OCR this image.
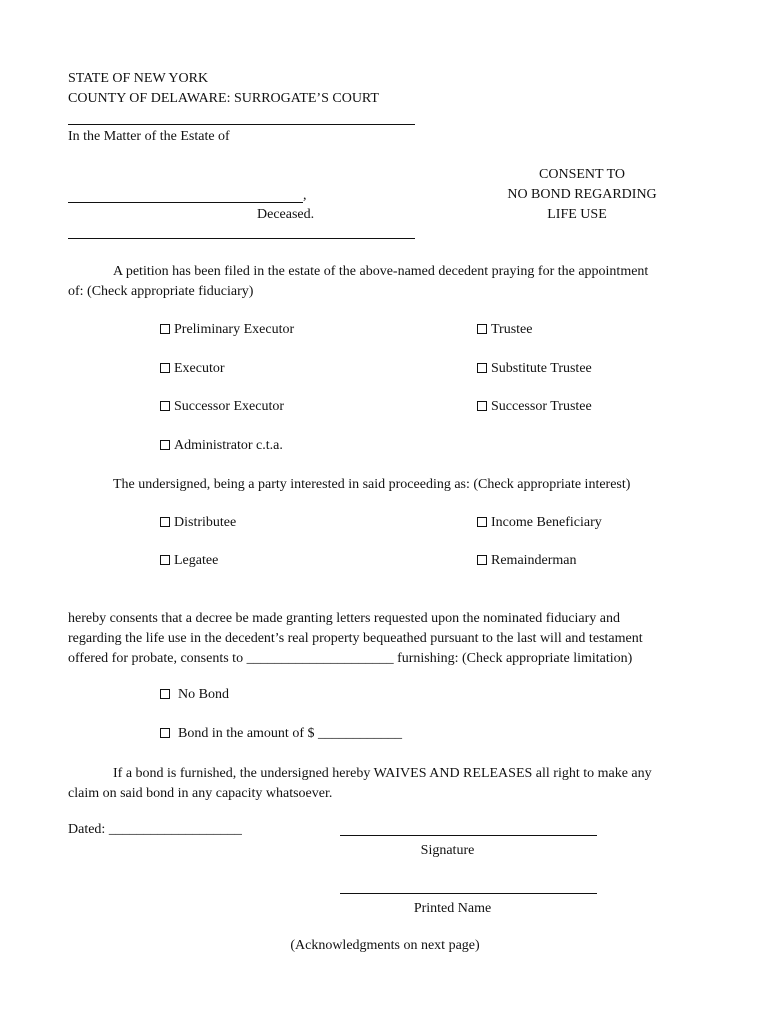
STATE OF NEW YORK
COUNTY OF DELAWARE: SURROGATE’S COURT
In the Matter of the Estate of
,
Deceased.
CONSENT TO
NO BOND REGARDING
LIFE USE
A petition has been filed in the estate of the above-named decedent praying for the appointment
of: (Check appropriate fiduciary)
Preliminary Executor	Trustee
Executor	Substitute Trustee
Successor Executor	Successor Trustee
Administrator c.t.a.
The undersigned, being a party interested in said proceeding as: (Check appropriate interest)
Distributee	Income Beneficiary
Legatee	Remainderman
hereby consents that a decree be made granting letters requested upon the nominated fiduciary and
regarding the life use in the decedent’s real property bequeathed pursuant to the last will and testament
offered for probate, consents to _____________________ furnishing: (Check appropriate limitation)
No Bond
Bond in the amount of $ ____________
If a bond is furnished, the undersigned hereby WAIVES AND RELEASES all right to make any
claim on said bond in any capacity whatsoever.
Dated: ___________________
Signature
Printed Name
(Acknowledgments on next page)
